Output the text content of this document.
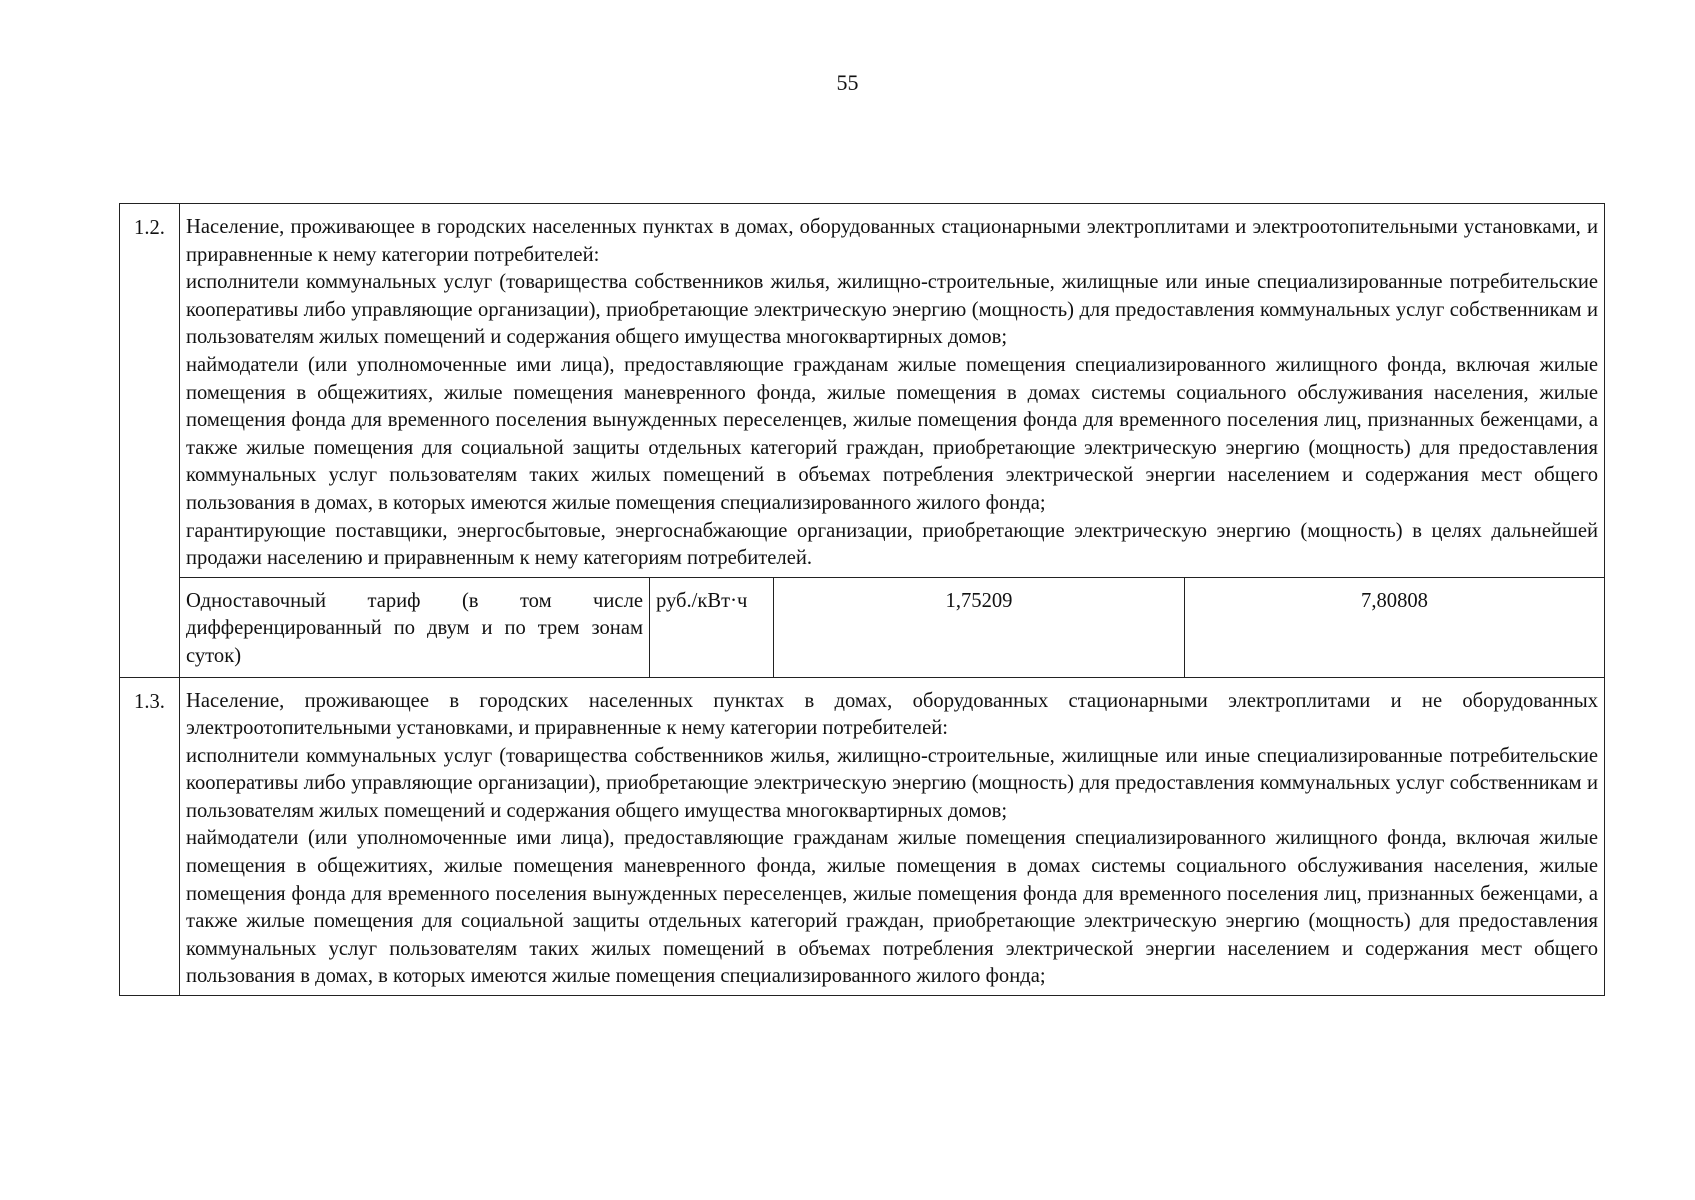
55
1.2.	Население, проживающее в городских населенных пунктах в домах, оборудованных стационарными электроплитами и электроотопительными установками, и приравненные к нему категории потребителей:

исполнители коммунальных услуг (товарищества собственников жилья, жилищно-строительные, жилищные или иные специализированные потребительские кооперативы либо управляющие организации), приобретающие электрическую энергию (мощность) для предоставления коммунальных услуг собственникам и пользователям жилых помещений и содержания общего имущества многоквартирных домов;

наймодатели (или уполномоченные ими лица), предоставляющие гражданам жилые помещения специализированного жилищного фонда, включая жилые помещения в общежитиях, жилые помещения маневренного фонда, жилые помещения в домах системы социального обслуживания населения, жилые помещения фонда для временного поселения вынужденных переселенцев, жилые помещения фонда для временного поселения лиц, признанных беженцами, а также жилые помещения для социальной защиты отдельных категорий граждан, приобретающие электрическую энергию (мощность) для предоставления коммунальных услуг пользователям таких жилых помещений в объемах потребления электрической энергии населением и содержания мест общего пользования в домах, в которых имеются жилые помещения специализированного жилого фонда;

гарантирующие поставщики, энергосбытовые, энергоснабжающие организации, приобретающие электрическую энергию (мощность) в целях дальнейшей продажи населению и приравненным к нему категориям потребителей.			

	Одноставочный тариф (в том числе дифференцированный по двум и по трем зонам суток)	руб./кВт·ч	1,75209	7,80808
1.3.	Население, проживающее в городских населенных пунктах в домах, оборудованных стационарными электроплитами и не оборудованных электроотопительными установками, и приравненные к нему категории потребителей:

исполнители коммунальных услуг (товарищества собственников жилья, жилищно-строительные, жилищные или иные специализированные потребительские кооперативы либо управляющие организации), приобретающие электрическую энергию (мощность) для предоставления коммунальных услуг собственникам и пользователям жилых помещений и содержания общего имущества многоквартирных домов;

наймодатели (или уполномоченные ими лица), предоставляющие гражданам жилые помещения специализированного жилищного фонда, включая жилые помещения в общежитиях, жилые помещения маневренного фонда, жилые помещения в домах системы социального обслуживания населения, жилые помещения фонда для временного поселения вынужденных переселенцев, жилые помещения фонда для временного поселения лиц, признанных беженцами, а также жилые помещения для социальной защиты отдельных категорий граждан, приобретающие электрическую энергию (мощность) для предоставления коммунальных услуг пользователям таких жилых помещений в объемах потребления электрической энергии населением и содержания мест общего пользования в домах, в которых имеются жилые помещения специализированного жилого фонда;			
